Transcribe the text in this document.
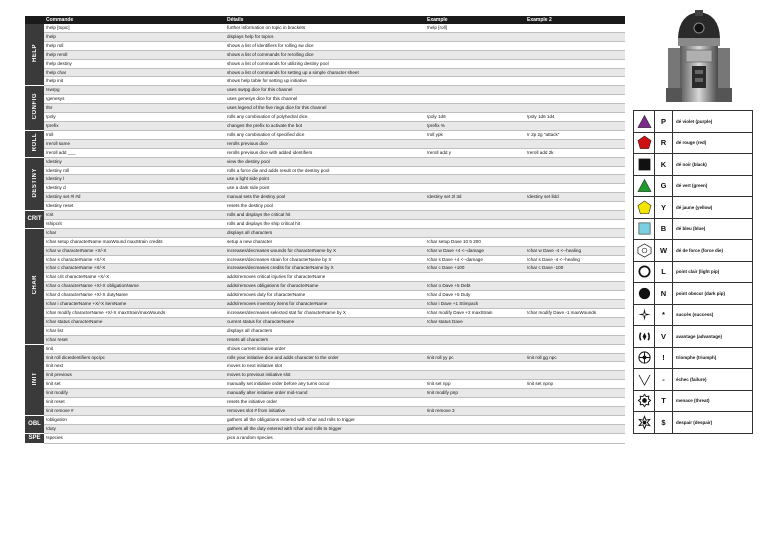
	Commande	Détails	Example	Example 2
HELP	!help [topic]	further information on topic in brackets	!help [roll]	
	!help	displays help for topics		
	!help roll	shows a list of identifiers for rolling sw dice		
	!help reroll	shows a list of commands for rerolling dice		
	!help destiny	shows a list of commands for utilizing destiny pool		
	!help char	shows a list of commands for setting up a simple character sheet		
	!help init	shows help table for setting up initiative		
CONFIG	!swrpg	uses swrpg dice for this channel		
	!genesys	uses genesys dice for this channel		
	!l5r	uses legend of the five rings dice for this channel		
	!poly	rolls any combination of polyhedral dice.	!poly 1d6	!poly 1d6 1d4
	!prefix	changes the prefix to activate the bot	!prefix %	
ROLL	!roll	rolls any combination of specified dice	!roll ypk	!r 2p 2g "attack"
	!reroll same	rerolls previous dice		
	!reroll add ___	rerolls previous dice with added identifiers	!reroll add y	!reroll add 2k
DESTINY	!destiny	view the destiny pool		
	!destiny roll	rolls a force die and adds result ot the destiny pool		
	!destiny l	use a light side point		
	!destiny d	use a dark side point		
	!destiny set #l #d	manual sets the destiny pool	!destiny set 2l 3d	!destiny set lldd
	!destiny reset	resets the destiny pool		
CRIT	!crit	rolls and displays the critical hit		
	!shipcrit	rolls and displays the ship critical hit		
CHAR	!char	displays all characters		
	!char setup characterName maxWound maxStrain credits	setup a new character	!char setup Dave 10 5 200	
	!char w characterName +X/-X	increases/decreases wounds for characterName by X	!char w Dave +4 <--damage	!char w Dave -4 <--healing
	!char s characterName +X/-X	increases/decreases strain for characterName by X	!char s Dave +4 <--damage	!char s Dave -4 <--healing
	!char c characterName +X/-X	increases/decreases credits for characterName by X	!char c Dave +100	!char c Dave -100
	!char crit characterName +X/-X	adds/removes critical injuries for characterName		
	!char o characterName +X/-X obligationName	adds/removes obligations for characterName	!char o Dave +5 Debt	
	!char d characterName +X/-X dutyName	adds/removes duty for characterName	!char d Dave +5 Duty	
	!char i characterName +X/-X itemName	adds/removes inventory items for characterName	!char i Dave +1 Stimpack	
	!char modify characterName +X/-X maxStrain/maxWounds	increases/decreases selected stat for characterName by X	!char modify Dave +2 maxStrain	!char modify Dave -1 maxWounds
	!char status characterName	current status for characterName	!char status Dave	
	!char list	displays all characters		
	!char reset	resets all characters		
INIT	!init	shows current initiative order		
	!init roll diceIdentifiers npc/pc	rolls your initiative dice and adds character to the order	!init roll yy pc	!init roll gg npc
	!init next	moves to next initiative slot		
	!init previous	moves to previous initiative slot		
	!init set	manually set initiative order before any turns occur	!init set npp	!init set npnp
	!init modify	manually alter initiative order mid-round	!init modify pnp	
	!init reset	resets the initiative order		
	!init remove #	removes slot # from initiative	!init remove 3	
OBL	!obligation	gathers all the obligations entered with !char and rolls to trigger		
	!duty	gathers all the duty entered with !char and rolls to trigger		
SPE	!species	pics a random species		
	P	dé violet (purple)

	R	dé rouge (red)

	K	dé noir (black)

	G	dé vert (green)

	Y	dé jaune (yellow)

	B	dé bleu (blue)

	W	dé de force (force die)

	L	point clair (light pip)

	N	point obscur (dark pip)

	*	succès (success)

	V	avantage (advantage)

	!	triomphe (triumph)

	-	échec (failure)

	T	menace (threat)

	$	despair (despair)
